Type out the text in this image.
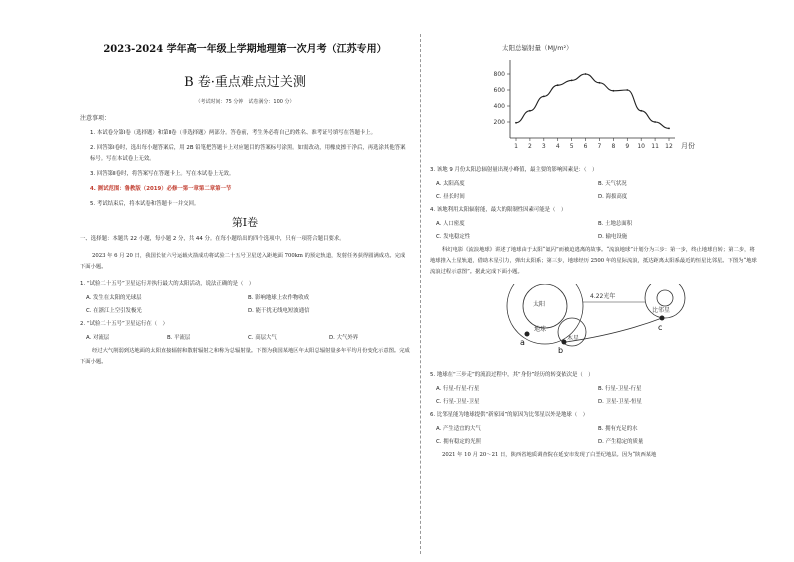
2023-2024 学年高一年级上学期地理第一次月考（江苏专用）
B 卷·重点难点过关测
（考试时间：75 分钟　试卷满分：100 分）
注意事项：
1. 本试卷分第Ⅰ卷（选择题）和第Ⅱ卷（非选择题）两部分。答卷前，考生务必将自己的姓名、准考证号填写在答题卡上。
2. 回答第Ⅰ卷时，选出每小题答案后，用 2B 铅笔把答题卡上对应题目的答案标号涂黑。如需改动，用橡皮擦干净后，再选涂其他答案标号。写在本试卷上无效。
3. 回答第Ⅱ卷时，将答案写在答题卡上。写在本试卷上无效。
4. 测试范围：鲁教版（2019）必修一第一章第二章第一节
5. 考试结束后，将本试卷和答题卡一并交回。
第Ⅰ卷
一、选择题：本题共 22 小题，每小题 2 分，共 44 分。在每小题给出的四个选项中，只有一项符合题目要求。
2023 年 6 月 20 日，我国长征六号运载火箭成功将试验二十五号卫星送入距地面 700km 的预定轨道，发射任务获得圆满成功。完成下面小题。
1. “试验二十五号”卫星运行并执行最大的太阳活动，说法正确的是（　）
A. 发生在太阳的光球层	B. 影响地球上农作物收成
C. 在浙江上空引发极光	D. 能干扰无线电短波通信
2. “试验二十五号”卫星运行在（　）
A. 对流层	B. 平流层	C. 高层大气	D. 大气外界
经过大气削弱到达地面的太阳直接辐射和散射辐射之和称为总辐射量。下图为我国某地区年太阳总辐射量多年平均月份变化示意图。完成下面小题。
太阳总辐射量（MJ/m²）
200
400
600
800
1 2 3 4 5 6 7 8 9 10 11 12 月份
3. 该地 9 月份太阳总辐射量出现小峰值，最主要的影响因素是：（　）
A. 太阳高度	B. 天气状况
C. 昼长时间	D. 海拔高度
4. 该地利用太阳辐射能，最大的限制性因素可能是（　）
A. 人口密度	B. 土地总面积
C. 发电稳定性	D. 输电设施
科幻电影《流浪地球》讲述了地球由于太阳“氦闪”而被迫逃离的故事。“流浪地球”计划分为三步：第一步，终止地球自转；第二步，将地球推入土星轨道，借助木星引力，弹出太阳系；第三步，地球经历 2500 年的星际流浪，抵达距离太阳系最近的恒星比邻星。下图为“地球流浪过程示意图”。据此完成下面小题。
太阳
地球
木星
a
b
比邻星
4.22光年
c
5. 地球在“三步走”的流浪过程中，其“身份”经历的转变依次是（　）
A. 行星-行星-行星	B. 行星-卫星-行星
C. 行星-卫星-卫星	D. 卫星-卫星-恒星
6. 比邻星能为地球提供“新家园”的原因为比邻星以外是地球（　）
A. 产生适宜的大气	B. 拥有充足的水
C. 拥有稳定的光照	D. 产生稳定的质量
2021 年 10 月 20～21 日，陕西省地质调查院在延安市发现了白垩纪地层。因为“陕西某地
